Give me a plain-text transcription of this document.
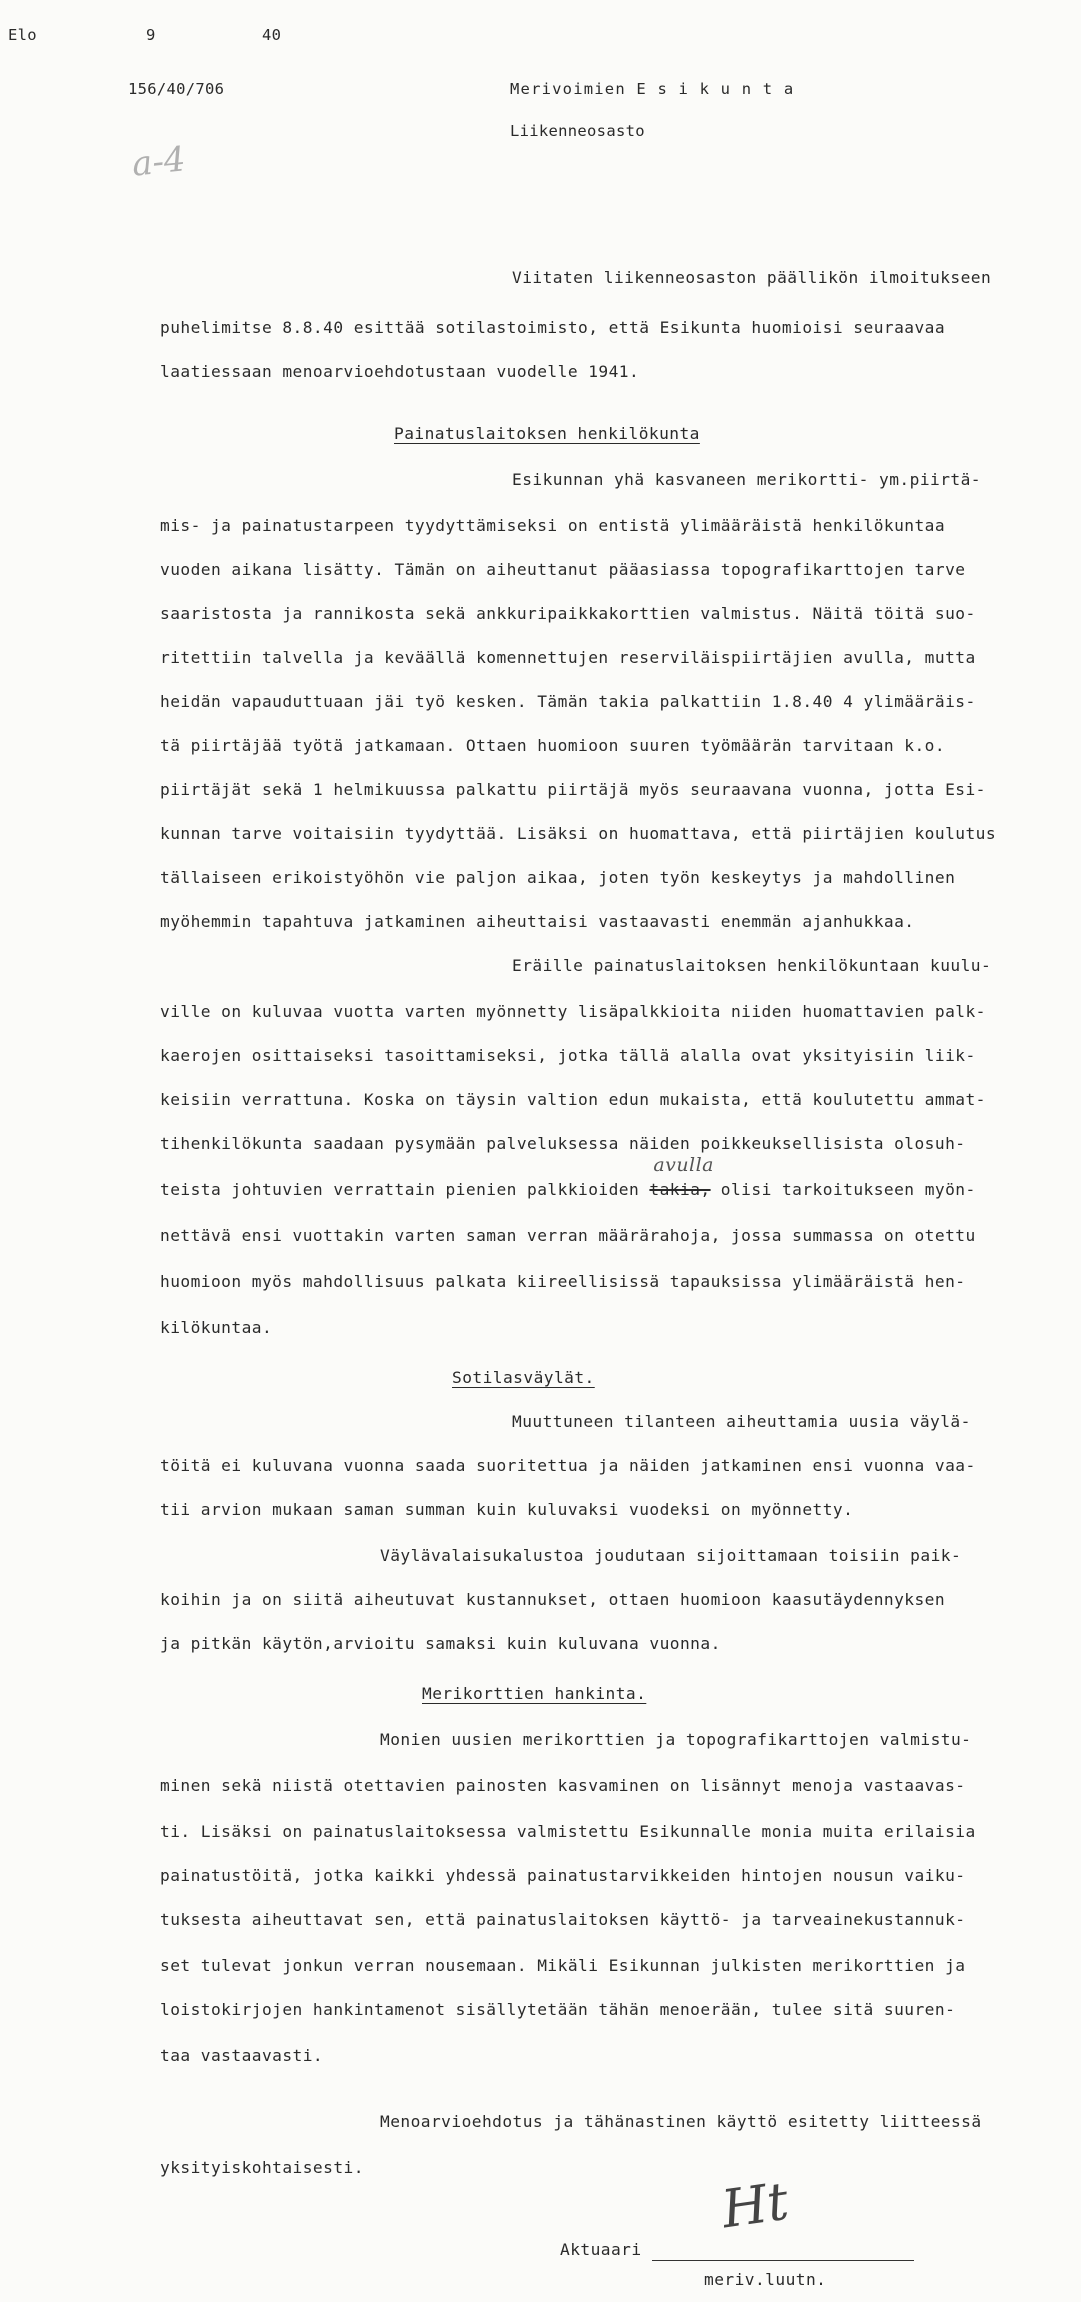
Elo	9	40
156/40/706	Merivoimien E s i k u n t a
Liikenneosasto
a-4
Viitaten liikenneosaston päällikön ilmoitukseen
puhelimitse 8.8.40 esittää sotilastoimisto, että Esikunta huomioisi seuraavaa
laatiessaan menoarvioehdotustaan vuodelle 1941.
Painatuslaitoksen henkilökunta
Esikunnan yhä kasvaneen merikortti- ym.piirtä-
mis- ja painatustarpeen tyydyttämiseksi on entistä ylimääräistä henkilökuntaa
vuoden aikana lisätty. Tämän on aiheuttanut pääasiassa topografikarttojen tarve
saaristosta ja rannikosta sekä ankkuripaikkakorttien valmistus. Näitä töitä suo-
ritettiin talvella ja keväällä komennettujen reserviläispiirtäjien avulla, mutta
heidän vapauduttuaan jäi työ kesken. Tämän takia palkattiin 1.8.40 4 ylimääräis-
tä piirtäjää työtä jatkamaan. Ottaen huomioon suuren työmäärän tarvitaan k.o.
piirtäjät sekä 1 helmikuussa palkattu piirtäjä myös seuraavana vuonna, jotta Esi-
kunnan tarve voitaisiin tyydyttää. Lisäksi on huomattava, että piirtäjien koulutus
tällaiseen erikoistyöhön vie paljon aikaa, joten työn keskeytys ja mahdollinen
myöhemmin tapahtuva jatkaminen aiheuttaisi vastaavasti enemmän ajanhukkaa.
Eräille painatuslaitoksen henkilökuntaan kuulu-
ville on kuluvaa vuotta varten myönnetty lisäpalkkioita niiden huomattavien palk-
kaerojen osittaiseksi tasoittamiseksi, jotka tällä alalla ovat yksityisiin liik-
keisiin verrattuna. Koska on täysin valtion edun mukaista, että koulutettu ammat-
tihenkilökunta saadaan pysymään palveluksessa näiden poikkeuksellisista olosuh-
teista johtuvien verrattain pienien palkkioiden
avulla
takia, olisi tarkoitukseen myön-
nettävä ensi vuottakin varten saman verran määrärahoja, jossa summassa on otettu
huomioon myös mahdollisuus palkata kiireellisissä tapauksissa ylimääräistä hen-
kilökuntaa.
Sotilasväylät.
Muuttuneen tilanteen aiheuttamia uusia väylä-
töitä ei kuluvana vuonna saada suoritettua ja näiden jatkaminen ensi vuonna vaa-
tii arvion mukaan saman summan kuin kuluvaksi vuodeksi on myönnetty.
Väylävalaisukalustoa joudutaan sijoittamaan toisiin paik-
koihin ja on siitä aiheutuvat kustannukset, ottaen huomioon kaasutäydennyksen
ja pitkän käytön,arvioitu samaksi kuin kuluvana vuonna.
Merikorttien hankinta.
Monien uusien merikorttien ja topografikarttojen valmistu-
minen sekä niistä otettavien painosten kasvaminen on lisännyt menoja vastaavas-
ti. Lisäksi on painatuslaitoksessa valmistettu Esikunnalle monia muita erilaisia
painatustöitä, jotka kaikki yhdessä painatustarvikkeiden hintojen nousun vaiku-
tuksesta aiheuttavat sen, että painatuslaitoksen käyttö- ja tarveainekustannuk-
set tulevat jonkun verran nousemaan. Mikäli Esikunnan julkisten merikorttien ja
loistokirjojen hankintamenot sisällytetään tähän menoerään, tulee sitä suuren-
taa vastaavasti.
Menoarvioehdotus ja tähänastinen käyttö esitetty liitteessä
yksityiskohtaisesti.
Aktuaari
Ht
meriv.luutn.
